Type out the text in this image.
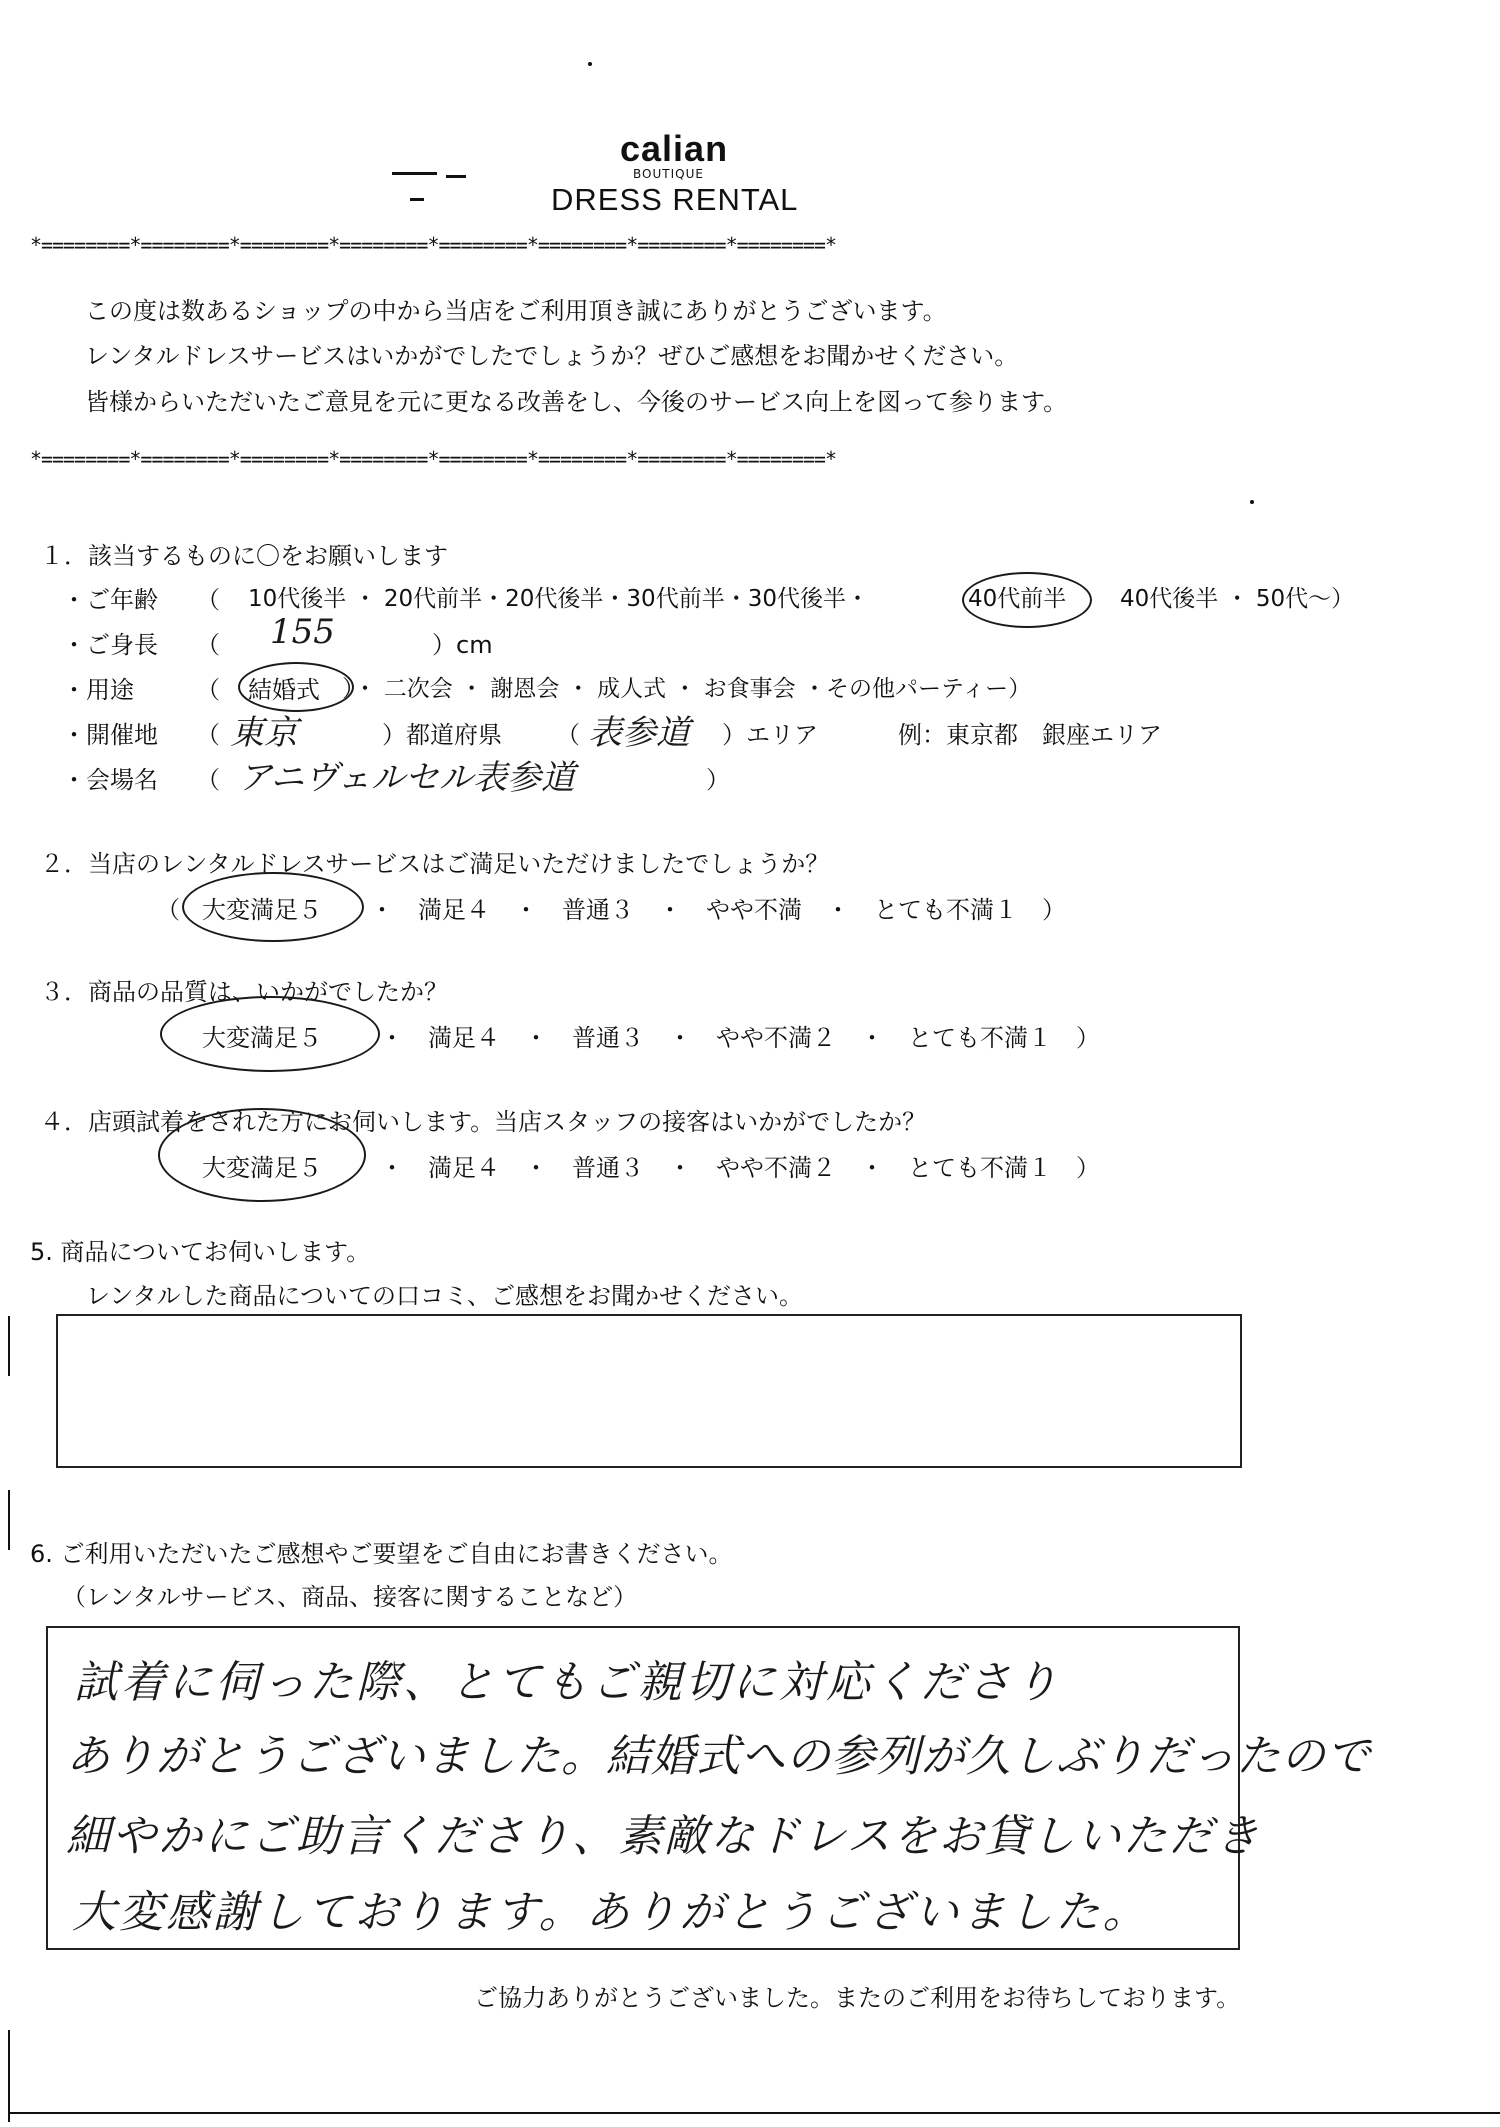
calian
BOUTIQUE
DRESS RENTAL
*========*========*========*========*========*========*========*========*
この度は数あるショップの中から当店をご利用頂き誠にありがとうございます。
レンタルドレスサービスはいかがでしたでしょうか？ぜひご感想をお聞かせください。
皆様からいただいたご意見を元に更なる改善をし、今後のサービス向上を図って参ります。
*========*========*========*========*========*========*========*========*
１．該当するものに〇をお願いします
・ご年齢 （ 10代後半 ・ 20代前半・20代後半・30代前半・30代後半・	40代前半 40代後半 ・ 50代～）
・ご身長 （ 155	）cm
・用途	（ 結婚式 ）・ 二次会 ・ 謝恩会 ・ 成人式 ・ お食事会 ・その他パーティー）
・開催地 （ 東京	）都道府県 （ 表参道 ）エリア	例：東京都　銀座エリア
・会場名 （ アニヴェルセル表参道	）
２．当店のレンタルドレスサービスはご満足いただけましたでしょうか？
（ 大変満足５ ・　満足４　・　普通３　・　やや不満　・　とても不満１　）
３．商品の品質は、いかがでしたか？
大変満足５ ・　満足４　・　普通３　・　やや不満２　・　とても不満１　）
４．店頭試着をされた方にお伺いします。当店スタッフの接客はいかがでしたか？
大変満足５ ・　満足４　・　普通３　・　やや不満２　・　とても不満１　）
5. 商品についてお伺いします。
レンタルした商品についての口コミ、ご感想をお聞かせください。
6. ご利用いただいたご感想やご要望をご自由にお書きください。
（レンタルサービス、商品、接客に関することなど）
試着に伺った際、とてもご親切に対応くださり
ありがとうございました。結婚式への参列が久しぶりだったので
細やかにご助言くださり、素敵なドレスをお貸しいただき
大変感謝しております。ありがとうございました。
ご協力ありがとうございました。またのご利用をお待ちしております。
